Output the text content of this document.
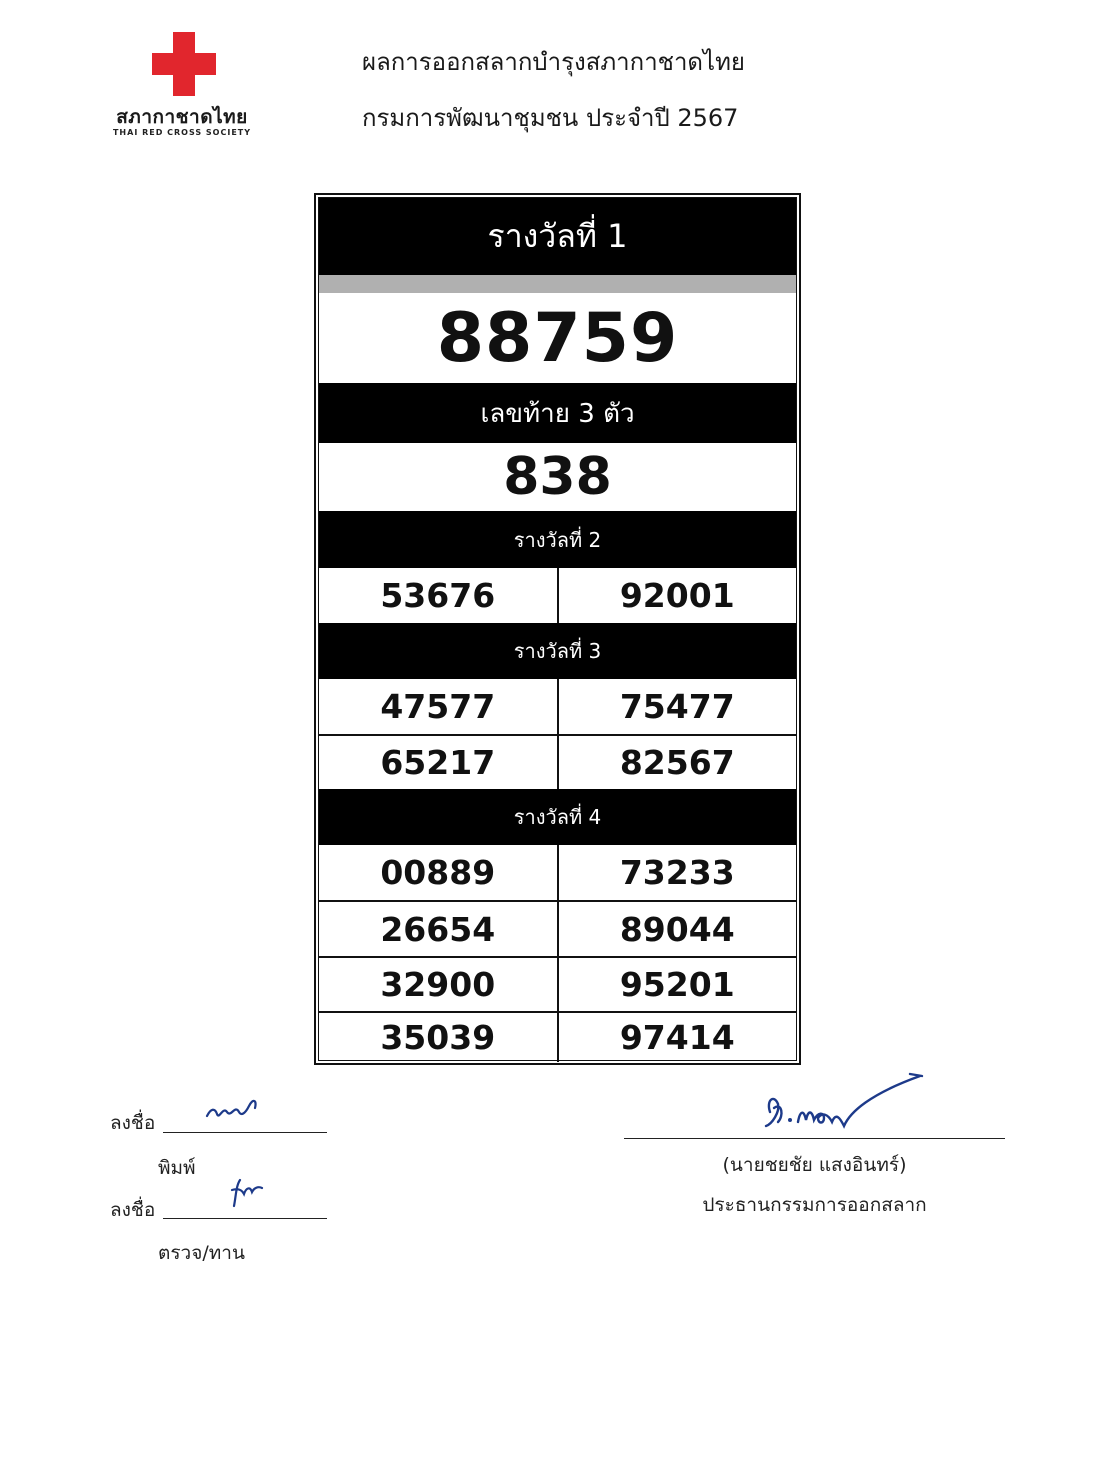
สภากาชาดไทย
THAI RED CROSS SOCIETY
ผลการออกสลากบำรุงสภากาชาดไทย
กรมการพัฒนาชุมชน ประจำปี 2567
รางวัลที่ 1
88759
เลขท้าย 3 ตัว
838
รางวัลที่ 2
53676	92001
รางวัลที่ 3
47577	75477
65217	82567
รางวัลที่ 4
00889	73233
26654	89044
32900	95201
35039	97414
ลงชื่อ
พิมพ์
ลงชื่อ
ตรวจ/ทาน
(นายชยชัย แสงอินทร์)
ประธานกรรมการออกสลาก
